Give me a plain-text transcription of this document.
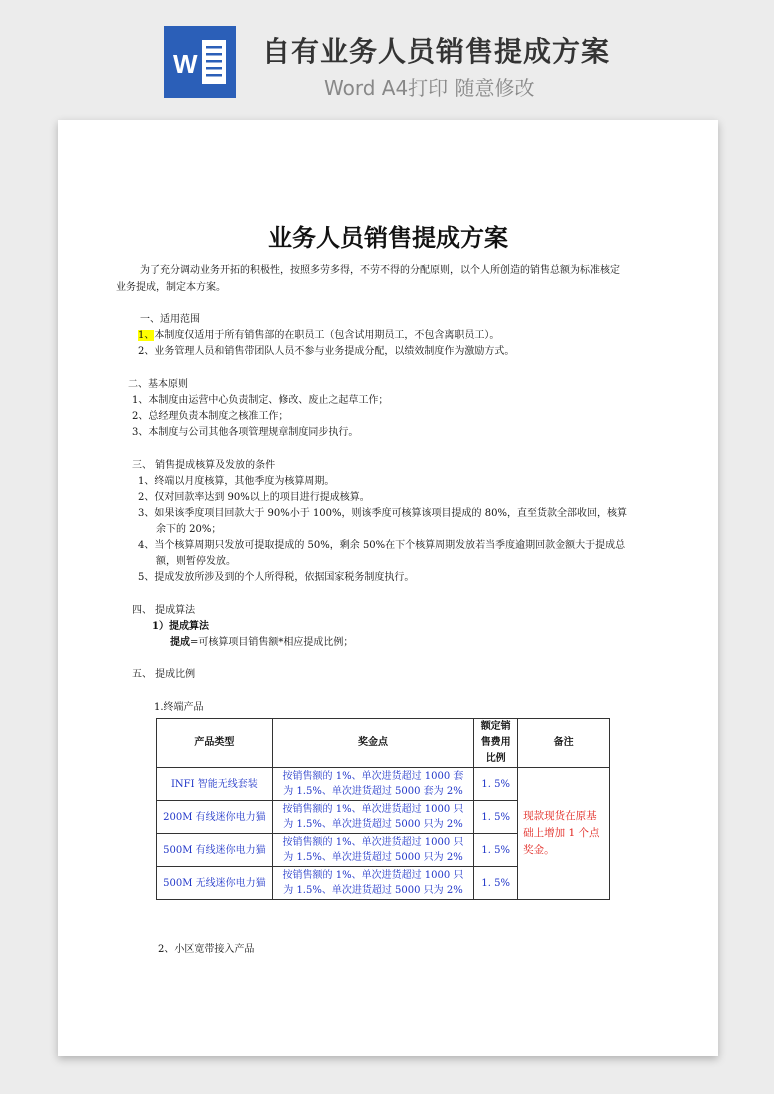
W 自有业务人员销售提成方案
Word A4打印 随意修改
业务人员销售提成方案
为了充分调动业务开拓的积极性，按照多劳多得，不劳不得的分配原则，以个人所创造的销售总额为标准核定
业务提成，制定本方案。
一、适用范围
1、本制度仅适用于所有销售部的在职员工（包含试用期员工，不包含离职员工）。
2、业务管理人员和销售带团队人员不参与业务提成分配，以绩效制度作为激励方式。
二、基本原则
1、本制度由运营中心负责制定、修改、废止之起草工作；
2、总经理负责本制度之核准工作；
3、本制度与公司其他各项管理规章制度同步执行。
三、 销售提成核算及发放的条件
1、终端以月度核算，其他季度为核算周期。
2、仅对回款率达到 90%以上的项目进行提成核算。
3、如果该季度项目回款大于 90%小于 100%，则该季度可核算该项目提成的 80%，直至货款全部收回，核算
余下的 20%；
4、当个核算周期只发放可提取提成的 50%，剩余 50%在下个核算周期发放若当季度逾期回款金额大于提成总
额，则暂停发放。
5、提成发放所涉及到的个人所得税，依据国家税务制度执行。
四、 提成算法
1）提成算法
提成=可核算项目销售额*相应提成比例；
五、 提成比例
1.终端产品
产品类型	奖金点	额定销售费用比例	备注
INFI 智能无线套装	按销售额的 1%、单次进货超过 1000 套
为 1.5%、单次进货超过 5000 套为 2%	1. 5%	现款现货在原基础上增加 1 个点奖金。
200M 有线迷你电力猫	按销售额的 1%、单次进货超过 1000 只
为 1.5%、单次进货超过 5000 只为 2%	1. 5%	
500M 有线迷你电力猫	按销售额的 1%、单次进货超过 1000 只
为 1.5%、单次进货超过 5000 只为 2%	1. 5%	
500M 无线迷你电力猫	按销售额的 1%、单次进货超过 1000 只
为 1.5%、单次进货超过 5000 只为 2%	1. 5%	
2、小区宽带接入产品
